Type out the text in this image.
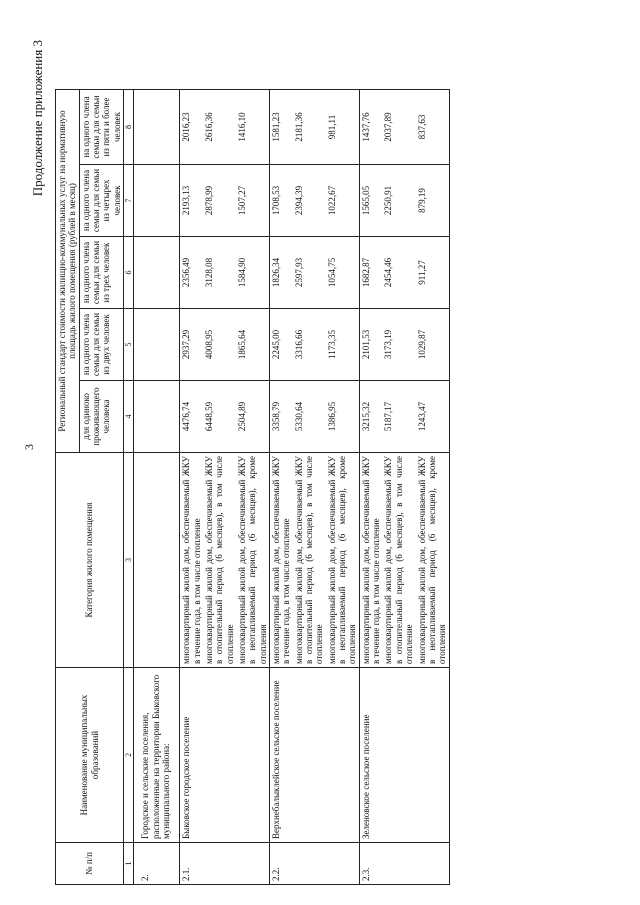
3
Продолжение приложения 3
№ п/п	Наименование муниципальных образований	Категория жилого помещения	Региональный стандарт стоимости жилищно-коммунальных услуг на нормативную площадь жилого помещения (рублей в месяц)				
			для одиноко проживающего человека	на одного члена семьи для семьи из двух человек	на одного члена семьи для семьи из трех человек	на одного члена семьи для семьи из четырех человек	на одного члена семьи для семьи из пяти и более человек
1	2	3	4	5	6	7	8
2.	Городское и сельские поселения, расположенные на территории Быковского муниципального района:						
2.1.	Быковское городское поселение	многоквартирный жилой дом, обеспечиваемый ЖКУ в течение года, в том числе отопление	4476,74	2937,29	2356,49	2193,13	2016,23
		многоквартирный жилой дом, обеспечиваемый ЖКУ в отопительный период (6 месяцев), в том числе отопление	6448,59	4008,95	3128,08	2878,99	2616,36
		многоквартирный жилой дом, обеспечиваемый ЖКУ в неотапливаемый период (6 месяцев), кроме отопления	2504,89	1865,64	1584,90	1507,27	1416,10
2.2.	Верхнебалыклейское сельское поселение	многоквартирный жилой дом, обеспечиваемый ЖКУ в течение года, в том числе отопление	3358,79	2245,00	1826,34	1708,53	1581,23
		многоквартирный жилой дом, обеспечиваемый ЖКУ в отопительный период (6 месяцев), в том числе отопление	5330,64	3316,66	2597,93	2394,39	2181,36
		многоквартирный жилой дом, обеспечиваемый ЖКУ в неотапливаемый период (6 месяцев), кроме отопления	1386,95	1173,35	1054,75	1022,67	981,11
2.3.	Зеленовское сельское поселение	многоквартирный жилой дом, обеспечиваемый ЖКУ в течение года, в том числе отопление	3215,32	2101,53	1682,87	1565,05	1437,76
		многоквартирный жилой дом, обеспечиваемый ЖКУ в отопительный период (6 месяцев), в том числе отопление	5187,17	3173,19	2454,46	2250,91	2037,89
		многоквартирный жилой дом, обеспечиваемый ЖКУ в неотапливаемый период (6 месяцев), кроме отопления	1243,47	1029,87	911,27	879,19	837,63
